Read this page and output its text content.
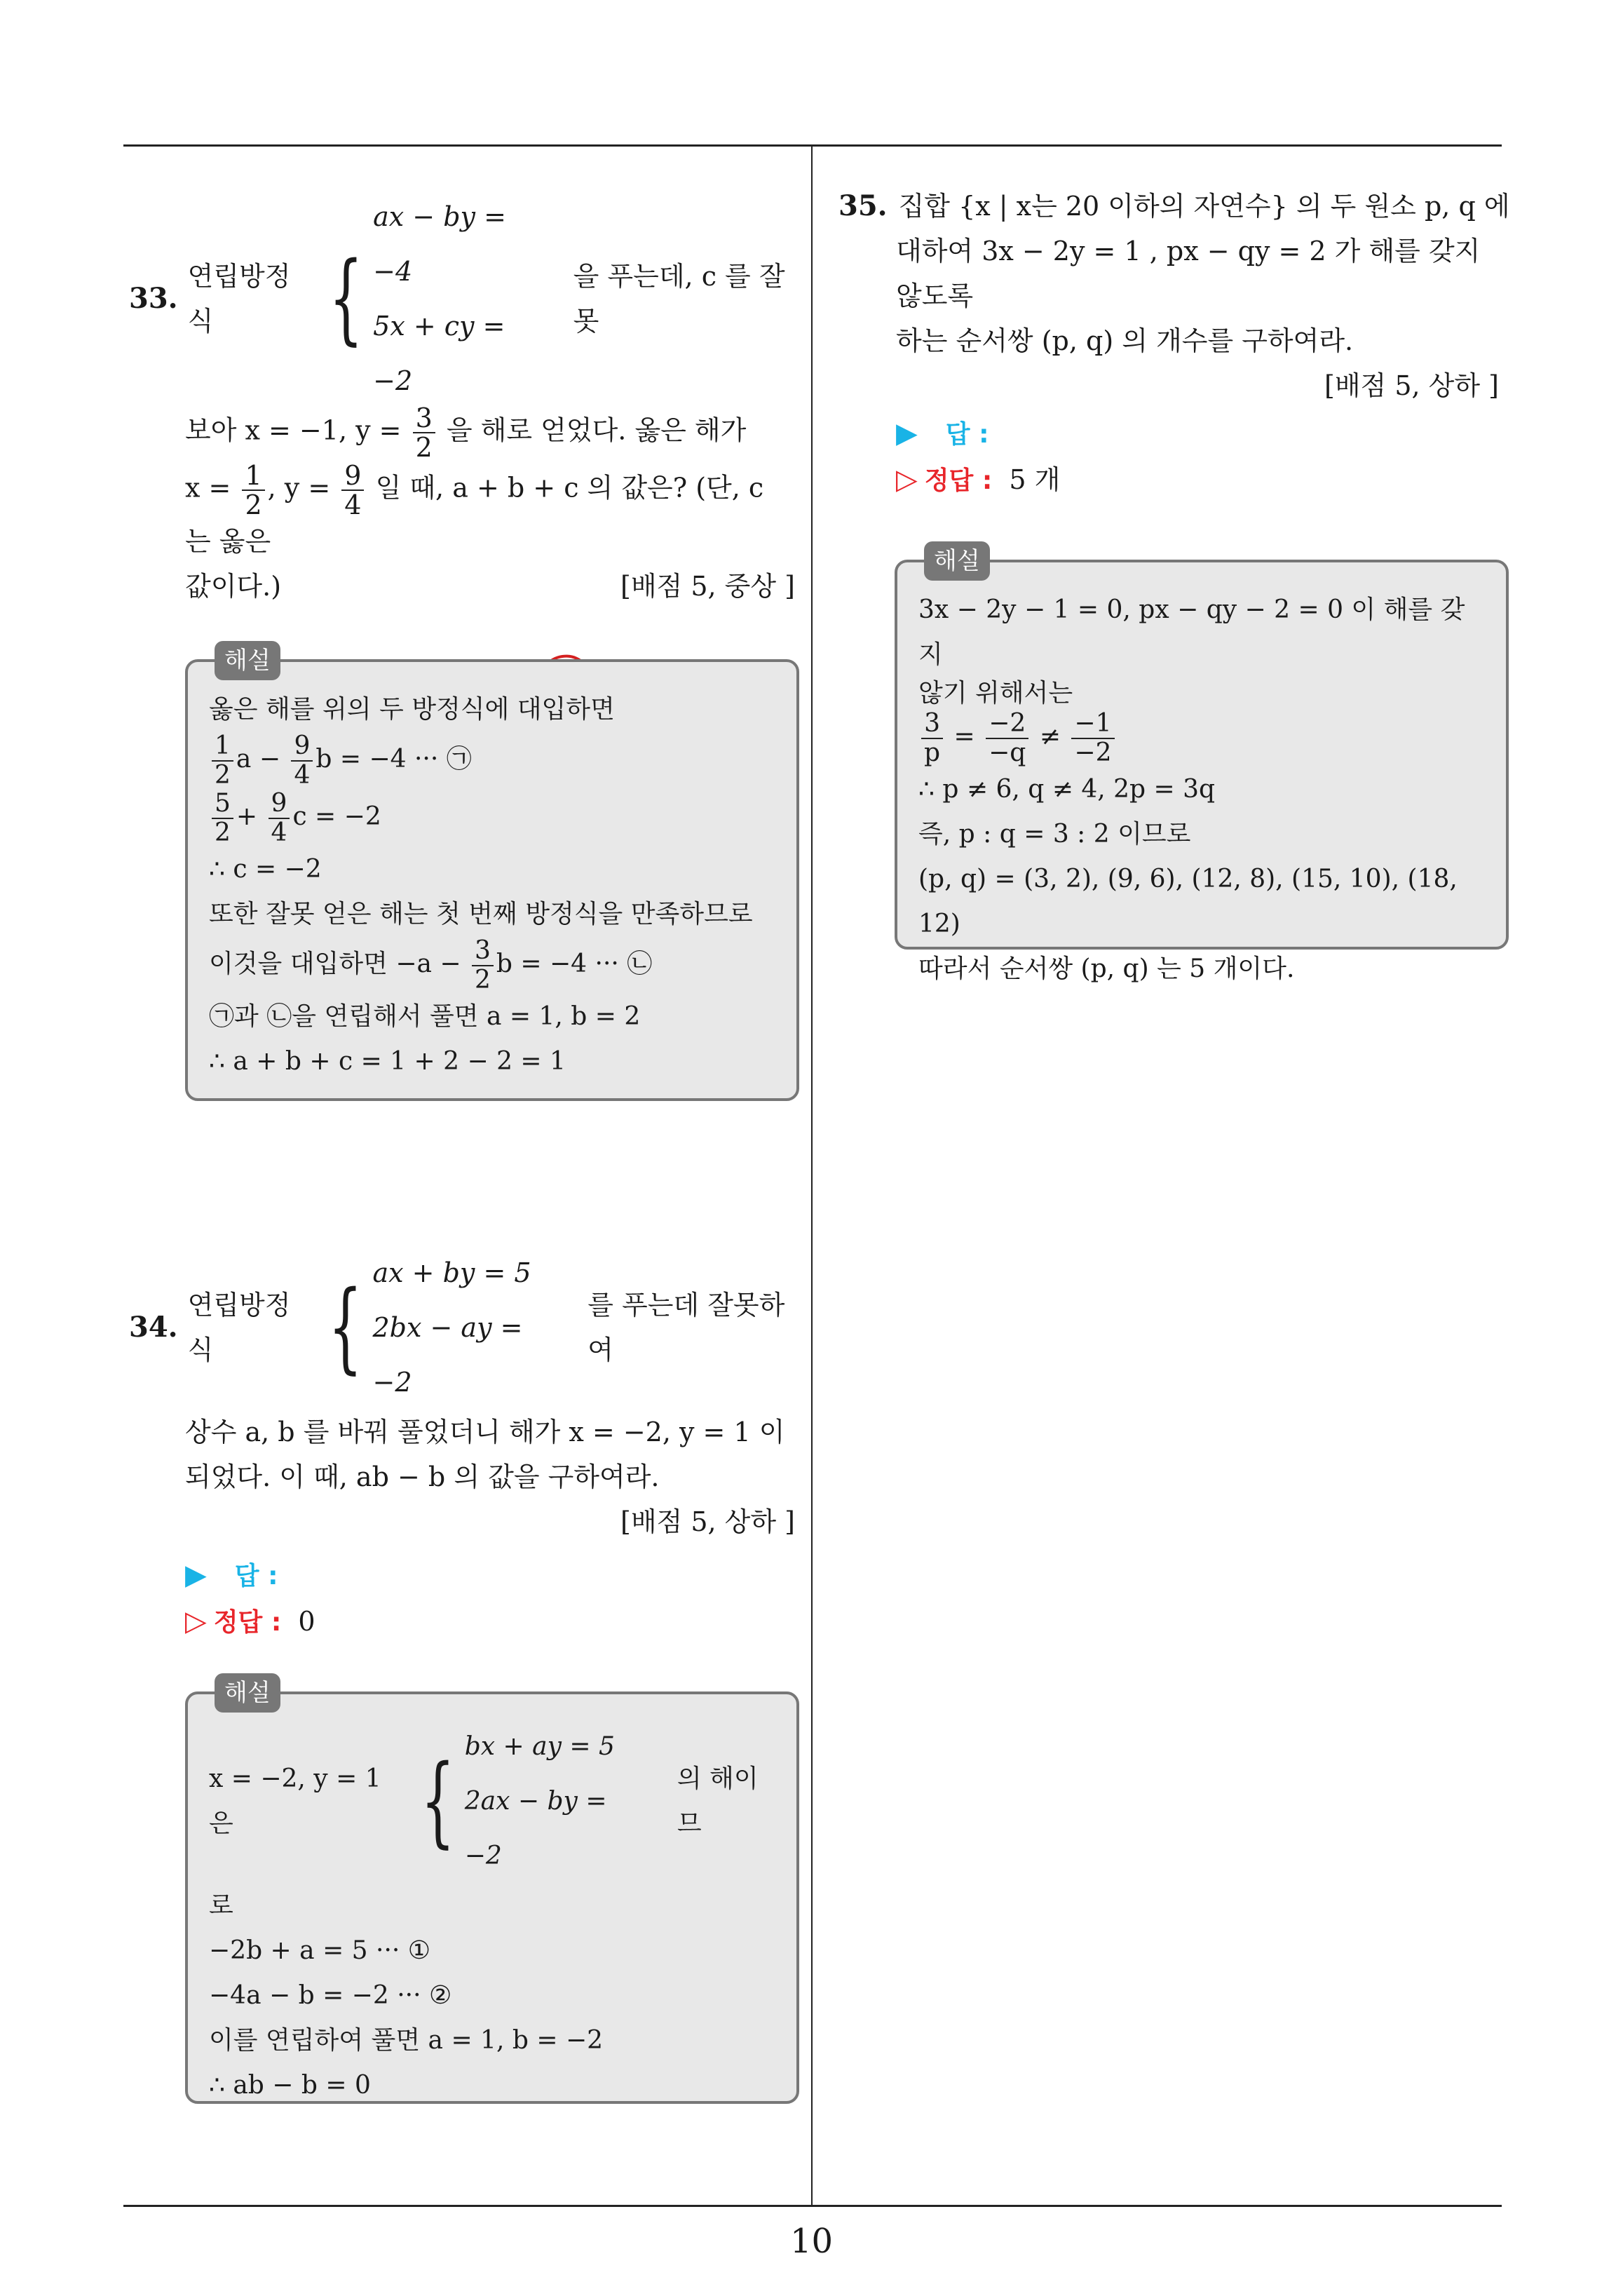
33.
연립방정식	{
ax − by = −4
5x + cy = −2
을 푸는데, c 를 잘못
보아 x = −1, $y = \frac{3}{2}$ 을 해로 얻었다. 옳은 해가
$x = \frac{1}{2}$ , $y = \frac{9}{4}$ 일 때, a + b + c 의 값은? (단, c 는 옳은
값이다.)	[배점 5, 중상 ]
해설
옳은 해를 위의 두 방정식에 대입하면
$\frac{1}{2}$ $a - \frac{9}{4}$ b = −4 ··· ㉠
$\frac{5}{2} + \frac{9}{4}$ c = −2
∴ c = −2
또한 잘못 얻은 해는 첫 번째 방정식을 만족하므로
이것을 대입하면 $-a - \frac{3}{2}$ b = −4 ··· ㉡
㉠과 ㉡을 연립해서 풀면 a = 1, b = 2
∴ a + b + c = 1 + 2 − 2 = 1
34.
연립방정식	{ ax + by = 5
2bx − ay = −2
를 푸는데 잘못하여
상수 a, b 를 바꿔 풀었더니 해가 x = −2, y = 1 이
되었다. 이 때, ab − b 의 값을 구하여라.
[배점 5, 상하 ]
▶ 답 :
▷ 정답 : 0
해설
x = −2, y = 1 은	{ bx + ay = 5
2ax − by = −2
의 해이므
로
−2b + a = 5 ··· ①
−4a − b = −2 ··· ②
이를 연립하여 풀면 a = 1, b = −2
∴ ab − b = 0
35. 집합 {x | x는 20 이하의 자연수} 의 두 원소 p, q 에
대하여 3x − 2y = 1 , px − qy = 2 가 해를 갖지 않도록
하는 순서쌍 (p, q) 의 개수를 구하여라.
[배점 5, 상하 ]
▶ 답 :
▷ 정답 : 5 개
해설
3x − 2y − 1 = 0, px − qy − 2 = 0 이 해를 갖지
않기 위해서는
$\frac{3}{p} = \frac{-2}{-q} \ne \frac{-1}{-2}$
∴ p ≠ 6, q ≠ 4, 2p = 3q
즉, p : q = 3 : 2 이므로
(p, q) = (3, 2), (9, 6), (12, 8), (15, 10), (18, 12)
따라서 순서쌍 (p, q) 는 5 개이다.
10
